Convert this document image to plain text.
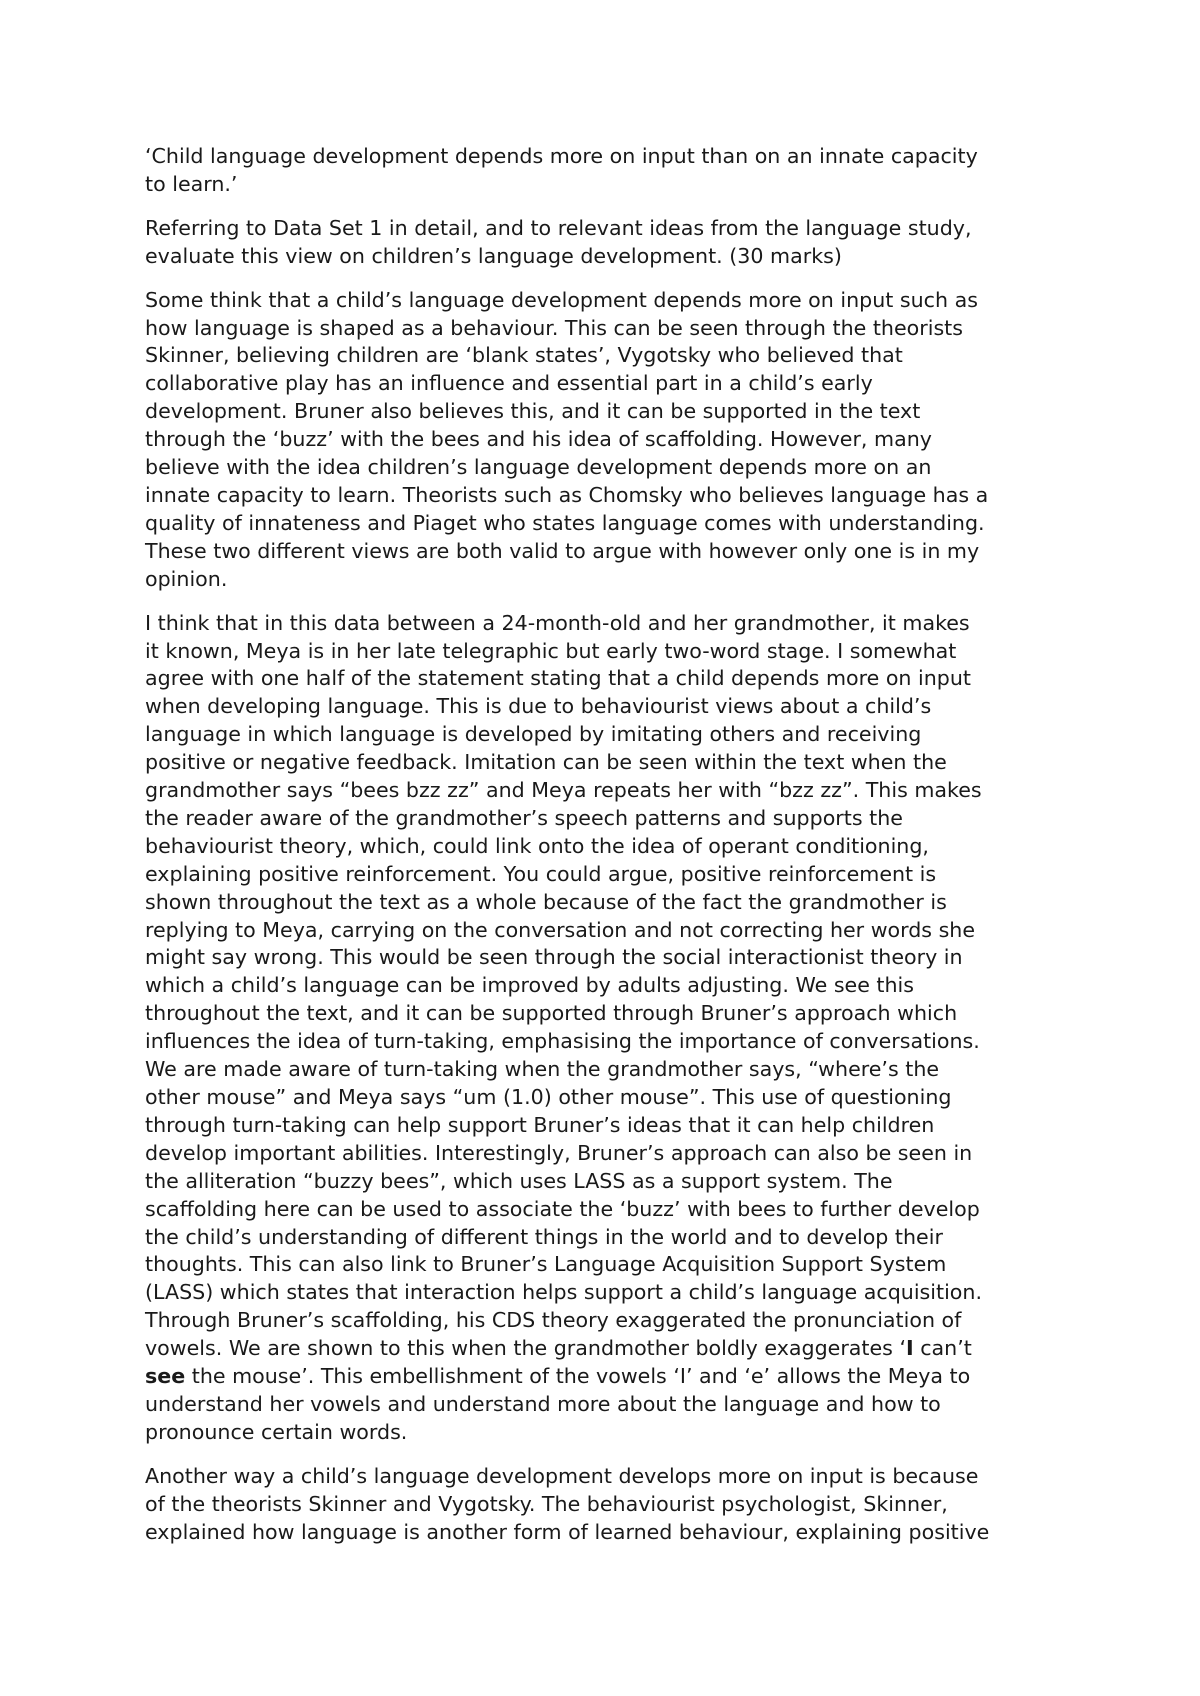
‘Child language development depends more on input than on an innate capacity
to learn.’
Referring to Data Set 1 in detail, and to relevant ideas from the language study,
evaluate this view on children’s language development. (30 marks)
Some think that a child’s language development depends more on input such as
how language is shaped as a behaviour. This can be seen through the theorists
Skinner, believing children are ‘blank states’, Vygotsky who believed that
collaborative play has an influence and essential part in a child’s early
development. Bruner also believes this, and it can be supported in the text
through the ‘buzz’ with the bees and his idea of scaffolding. However, many
believe with the idea children’s language development depends more on an
innate capacity to learn. Theorists such as Chomsky who believes language has a
quality of innateness and Piaget who states language comes with understanding.
These two different views are both valid to argue with however only one is in my
opinion.
I think that in this data between a 24-month-old and her grandmother, it makes
it known, Meya is in her late telegraphic but early two-word stage. I somewhat
agree with one half of the statement stating that a child depends more on input
when developing language. This is due to behaviourist views about a child’s
language in which language is developed by imitating others and receiving
positive or negative feedback. Imitation can be seen within the text when the
grandmother says “bees bzz zz” and Meya repeats her with “bzz zz”. This makes
the reader aware of the grandmother’s speech patterns and supports the
behaviourist theory, which, could link onto the idea of operant conditioning,
explaining positive reinforcement. You could argue, positive reinforcement is
shown throughout the text as a whole because of the fact the grandmother is
replying to Meya, carrying on the conversation and not correcting her words she
might say wrong. This would be seen through the social interactionist theory in
which a child’s language can be improved by adults adjusting. We see this
throughout the text, and it can be supported through Bruner’s approach which
influences the idea of turn-taking, emphasising the importance of conversations.
We are made aware of turn-taking when the grandmother says, “where’s the
other mouse” and Meya says “um (1.0) other mouse”. This use of questioning
through turn-taking can help support Bruner’s ideas that it can help children
develop important abilities. Interestingly, Bruner’s approach can also be seen in
the alliteration “buzzy bees”, which uses LASS as a support system. The
scaffolding here can be used to associate the ‘buzz’ with bees to further develop
the child’s understanding of different things in the world and to develop their
thoughts. This can also link to Bruner’s Language Acquisition Support System
(LASS) which states that interaction helps support a child’s language acquisition.
Through Bruner’s scaffolding, his CDS theory exaggerated the pronunciation of
vowels. We are shown to this when the grandmother boldly exaggerates ‘I can’t
see the mouse’. This embellishment of the vowels ‘I’ and ‘e’ allows the Meya to
understand her vowels and understand more about the language and how to
pronounce certain words.
Another way a child’s language development develops more on input is because
of the theorists Skinner and Vygotsky. The behaviourist psychologist, Skinner,
explained how language is another form of learned behaviour, explaining positive
